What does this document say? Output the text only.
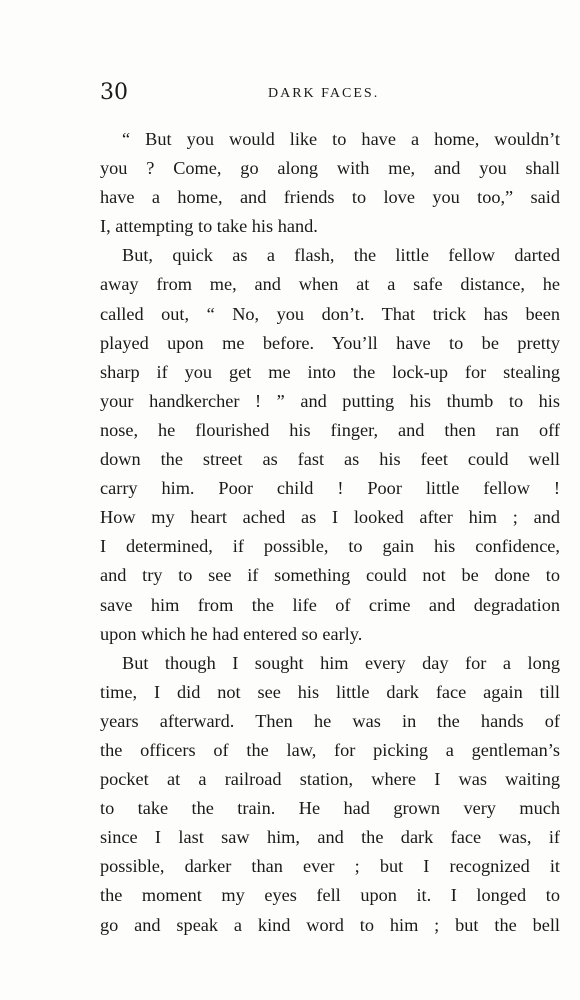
30	DARK FACES.
“ But you would like to have a home, wouldn’t
you ? Come, go along with me, and you shall
have a home, and friends to love you too,” said
I, attempting to take his hand.
But, quick as a flash, the little fellow darted
away from me, and when at a safe distance, he
called out, “ No, you don’t. That trick has been
played upon me before. You’ll have to be pretty
sharp if you get me into the lock-up for stealing
your handkercher ! ” and putting his thumb to his
nose, he flourished his finger, and then ran off
down the street as fast as his feet could well
carry him. Poor child ! Poor little fellow !
How my heart ached as I looked after him ; and
I determined, if possible, to gain his confidence,
and try to see if something could not be done to
save him from the life of crime and degradation
upon which he had entered so early.
But though I sought him every day for a long
time, I did not see his little dark face again till
years afterward. Then he was in the hands of
the officers of the law, for picking a gentleman’s
pocket at a railroad station, where I was waiting
to take the train. He had grown very much
since I last saw him, and the dark face was, if
possible, darker than ever ; but I recognized it
the moment my eyes fell upon it. I longed to
go and speak a kind word to him ; but the bell
